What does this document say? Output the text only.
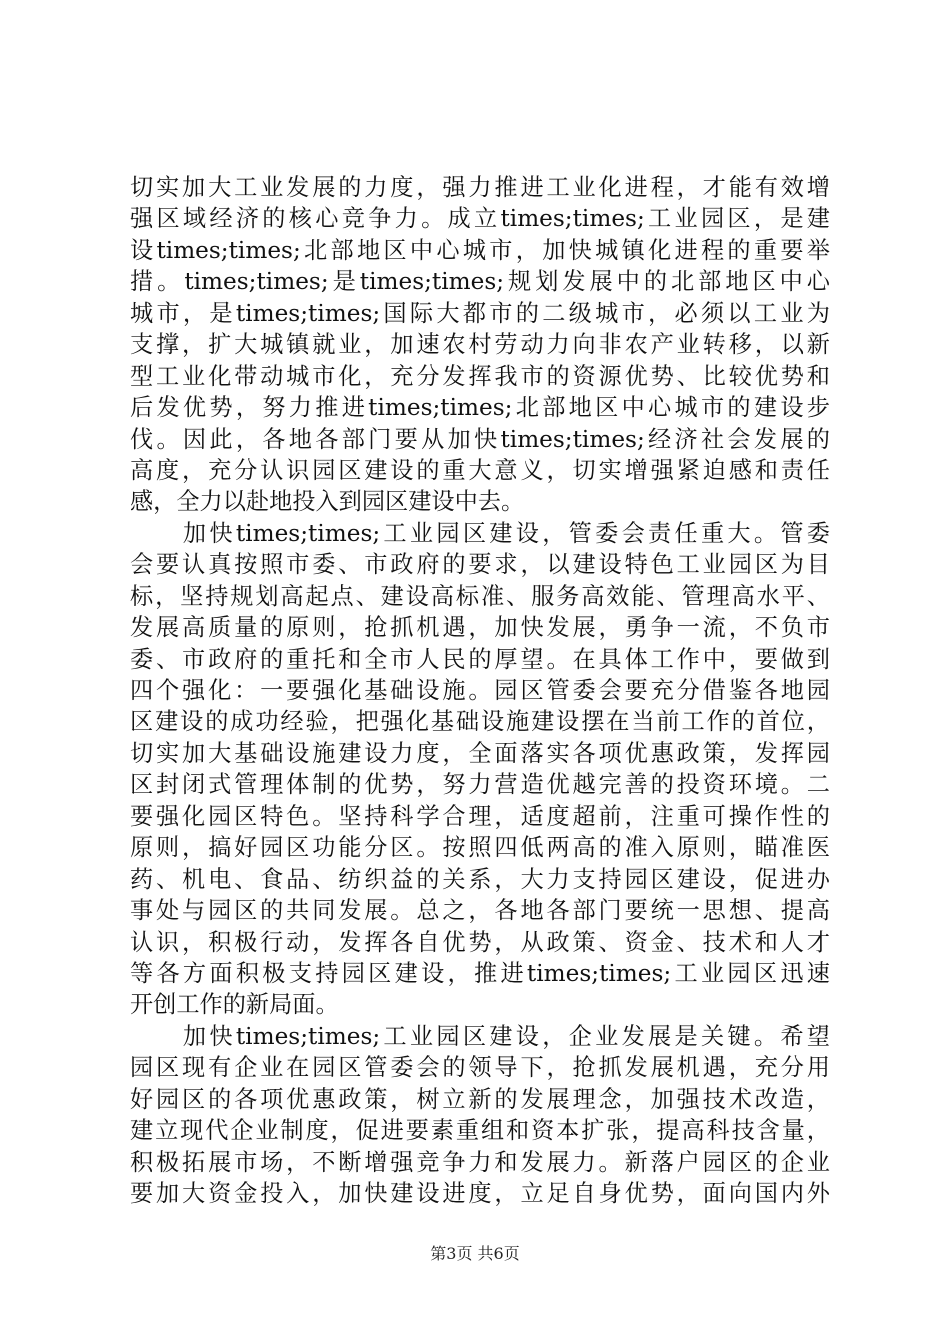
切实加大工业发展的力度，强力推进工业化进程，才能有效增
强区域经济的核心竞争力。成立times;times;工业园区，是建
设times;times;北部地区中心城市，加快城镇化进程的重要举
措。times;times;是times;times;规划发展中的北部地区中心
城市，是times;times;国际大都市的二级城市，必须以工业为
支撑，扩大城镇就业，加速农村劳动力向非农产业转移，以新
型工业化带动城市化，充分发挥我市的资源优势、比较优势和
后发优势，努力推进times;times;北部地区中心城市的建设步
伐。因此，各地各部门要从加快times;times;经济社会发展的
高度，充分认识园区建设的重大意义，切实增强紧迫感和责任
感，全力以赴地投入到园区建设中去。
　　加快times;times;工业园区建设，管委会责任重大。管委
会要认真按照市委、市政府的要求，以建设特色工业园区为目
标，坚持规划高起点、建设高标准、服务高效能、管理高水平、
发展高质量的原则，抢抓机遇，加快发展，勇争一流，不负市
委、市政府的重托和全市人民的厚望。在具体工作中，要做到
四个强化：一要强化基础设施。园区管委会要充分借鉴各地园
区建设的成功经验，把强化基础设施建设摆在当前工作的首位，
切实加大基础设施建设力度，全面落实各项优惠政策，发挥园
区封闭式管理体制的优势，努力营造优越完善的投资环境。二
要强化园区特色。坚持科学合理，适度超前，注重可操作性的
原则，搞好园区功能分区。按照四低两高的准入原则，瞄准医
药、机电、食品、纺织益的关系，大力支持园区建设，促进办
事处与园区的共同发展。总之，各地各部门要统一思想、提高
认识，积极行动，发挥各自优势，从政策、资金、技术和人才
等各方面积极支持园区建设，推进times;times;工业园区迅速
开创工作的新局面。
　　加快times;times;工业园区建设，企业发展是关键。希望
园区现有企业在园区管委会的领导下，抢抓发展机遇，充分用
好园区的各项优惠政策，树立新的发展理念，加强技术改造，
建立现代企业制度，促进要素重组和资本扩张，提高科技含量，
积极拓展市场，不断增强竞争力和发展力。新落户园区的企业
要加大资金投入，加快建设进度，立足自身优势，面向国内外
第3页 共6页
